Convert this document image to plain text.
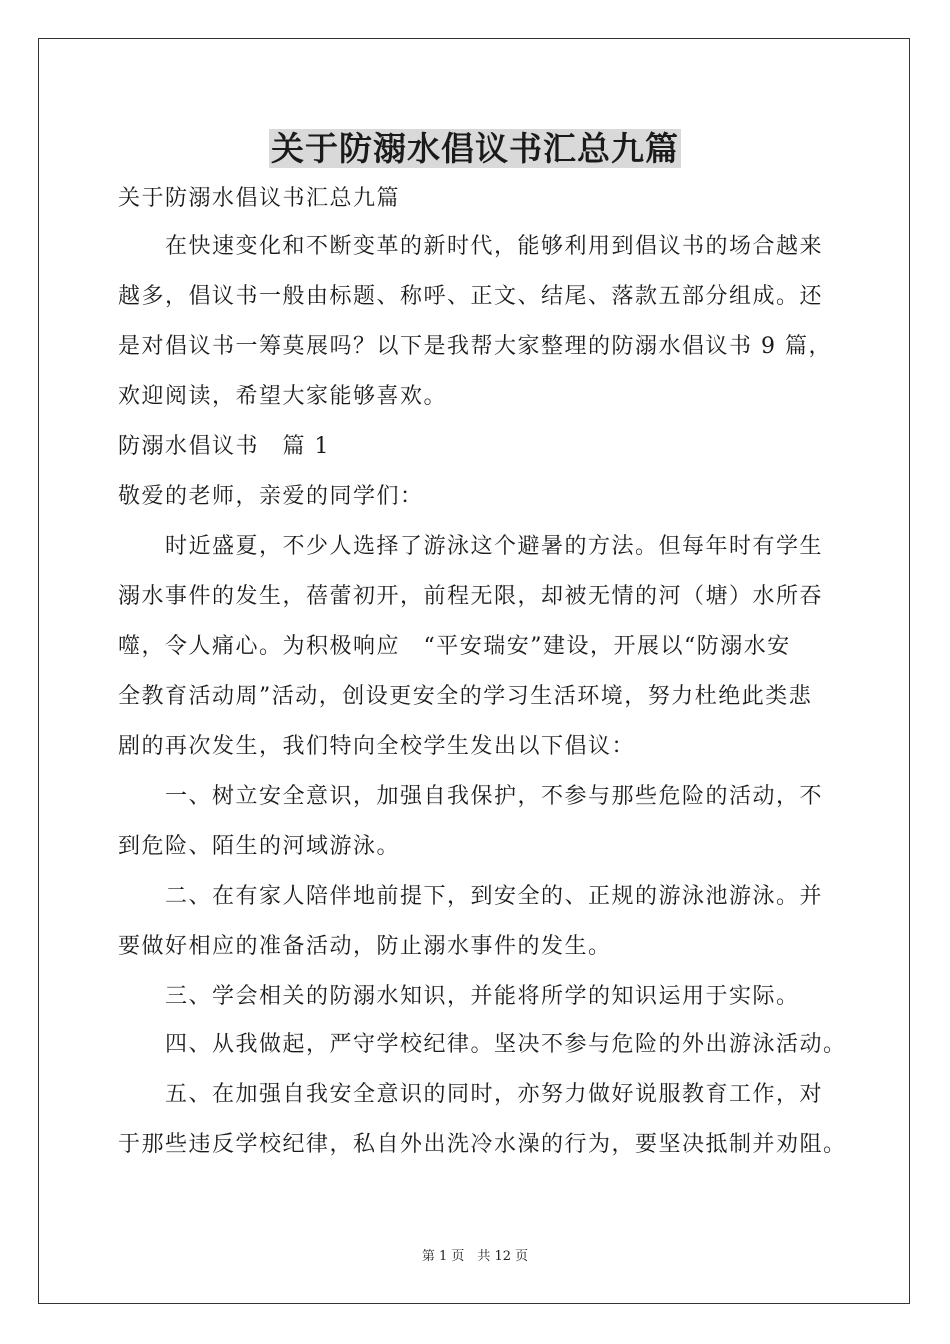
关于防溺水倡议书汇总九篇
关于防溺水倡议书汇总九篇
　　在快速变化和不断变革的新时代，能够利用到倡议书的场合越来
越多，倡议书一般由标题、称呼、正文、结尾、落款五部分组成。还
是对倡议书一筹莫展吗？以下是我帮大家整理的防溺水倡议书 9 篇，
欢迎阅读，希望大家能够喜欢。
防溺水倡议书　篇 1
敬爱的老师，亲爱的同学们：
　　时近盛夏，不少人选择了游泳这个避暑的方法。但每年时有学生
溺水事件的发生，蓓蕾初开，前程无限，却被无情的河（塘）水所吞
噬，令人痛心。为积极响应　“平安瑞安”建设，开展以“防溺水安
全教育活动周”活动，创设更安全的学习生活环境，努力杜绝此类悲
剧的再次发生，我们特向全校学生发出以下倡议：
　　一、树立安全意识，加强自我保护，不参与那些危险的活动，不
到危险、陌生的河域游泳。
　　二、在有家人陪伴地前提下，到安全的、正规的游泳池游泳。并
要做好相应的准备活动，防止溺水事件的发生。
　　三、学会相关的防溺水知识，并能将所学的知识运用于实际。
　　四、从我做起，严守学校纪律。坚决不参与危险的外出游泳活动。
　　五、在加强自我安全意识的同时，亦努力做好说服教育工作，对
于那些违反学校纪律，私自外出洗冷水澡的行为，要坚决抵制并劝阻。
第 1 页　共 12 页
